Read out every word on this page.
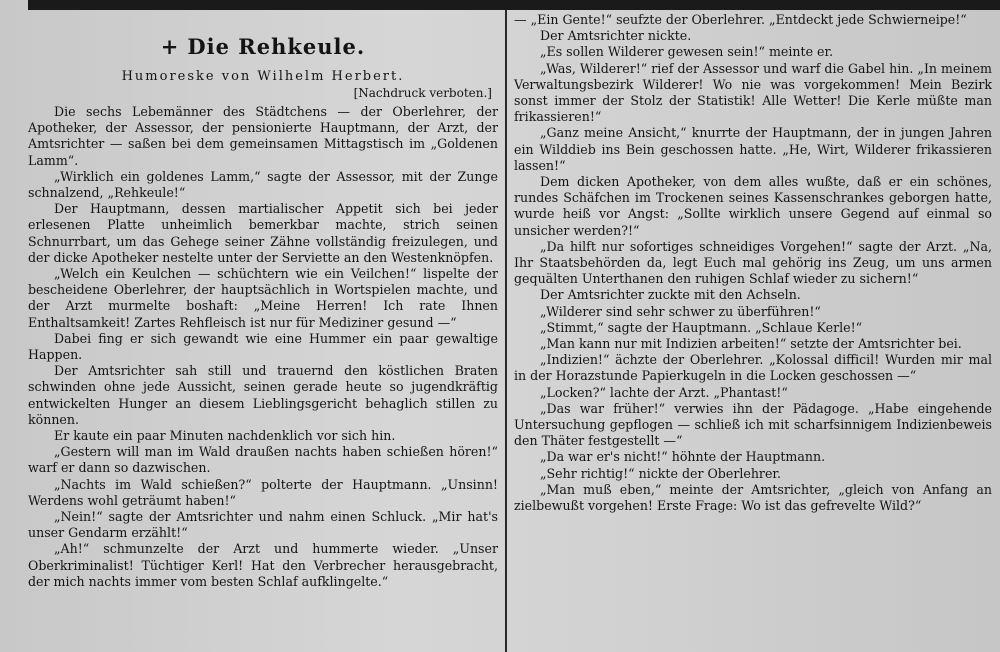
+ Die Rehkeule.
Humoreske von Wilhelm Herbert.
[Nachdruck verboten.]

Die sechs Lebemänner des Städtchens — der Oberlehrer, der Apotheker, der Assessor, der pensionierte Hauptmann, der Arzt, der Amtsrichter — saßen bei dem gemeinsamen Mittagstisch im „Goldenen Lamm“.

„Wirklich ein goldenes Lamm,“ sagte der Assessor, mit der Zunge schnalzend, „Rehkeule!“

Der Hauptmann, dessen martialischer Appetit sich bei jeder erlesenen Platte unheimlich bemerkbar machte, strich seinen Schnurrbart, um das Gehege seiner Zähne vollständig freizulegen, und der dicke Apotheker nestelte unter der Serviette an den Westenknöpfen.

„Welch ein Keulchen — schüchtern wie ein Veilchen!“ lispelte der bescheidene Oberlehrer, der hauptsächlich in Wortspielen machte, und der Arzt murmelte boshaft: „Meine Herren! Ich rate Ihnen Enthaltsamkeit! Zartes Rehfleisch ist nur für Mediziner gesund —“

Dabei fing er sich gewandt wie eine Hummer ein paar gewaltige Happen.

Der Amtsrichter sah still und trauernd den köstlichen Braten schwinden ohne jede Aussicht, seinen gerade heute so jugendkräftig entwickelten Hunger an diesem Lieblingsgericht behaglich stillen zu können.

Er kaute ein paar Minuten nachdenklich vor sich hin.

„Gestern will man im Wald draußen nachts haben schießen hören!“ warf er dann so dazwischen.

„Nachts im Wald schießen?“ polterte der Hauptmann. „Unsinn! Werdens wohl geträumt haben!“

„Nein!“ sagte der Amtsrichter und nahm einen Schluck. „Mir hat's unser Gendarm erzählt!“

„Ah!“ schmunzelte der Arzt und hummerte wieder. „Unser Oberkriminalist! Tüchtiger Kerl! Hat den Verbrecher herausgebracht, der mich nachts immer vom besten Schlaf aufklingelte.“

— „Ein Gente!“ seufzte der Oberlehrer. „Entdeckt jede Schwierneipe!“

Der Amtsrichter nickte.

„Es sollen Wilderer gewesen sein!“ meinte er.

„Was, Wilderer!“ rief der Assessor und warf die Gabel hin. „In meinem Verwaltungsbezirk Wilderer! Wo nie was vorgekommen! Mein Bezirk sonst immer der Stolz der Statistik! Alle Wetter! Die Kerle müßte man frikassieren!“

„Ganz meine Ansicht,“ knurrte der Hauptmann, der in jungen Jahren ein Wilddieb ins Bein geschossen hatte. „He, Wirt, Wilderer frikassieren lassen!“

Dem dicken Apotheker, von dem alles wußte, daß er ein schönes, rundes Schäfchen im Trockenen seines Kassenschrankes geborgen hatte, wurde heiß vor Angst: „Sollte wirklich unsere Gegend auf einmal so unsicher werden?!“

„Da hilft nur sofortiges schneidiges Vorgehen!“ sagte der Arzt. „Na, Ihr Staatsbehörden da, legt Euch mal gehörig ins Zeug, um uns armen gequälten Unterthanen den ruhigen Schlaf wieder zu sichern!“

Der Amtsrichter zuckte mit den Achseln.

„Wilderer sind sehr schwer zu überführen!“

„Stimmt,“ sagte der Hauptmann. „Schlaue Kerle!“

„Man kann nur mit Indizien arbeiten!“ setzte der Amtsrichter bei.

„Indizien!“ ächzte der Oberlehrer. „Kolossal difficil! Wurden mir mal in der Horazstunde Papierkugeln in die Locken geschossen —“

„Locken?“ lachte der Arzt. „Phantast!“

„Das war früher!“ verwies ihn der Pädagoge. „Habe eingehende Untersuchung gepflogen — schließ ich mit scharfsinnigem Indizienbeweis den Thäter festgestellt —“

„Da war er's nicht!“ höhnte der Hauptmann.

„Sehr richtig!“ nickte der Oberlehrer.

„Man muß eben,“ meinte der Amtsrichter, „gleich von Anfang an zielbewußt vorgehen! Erste Frage: Wo ist das gefrevelte Wild?“
